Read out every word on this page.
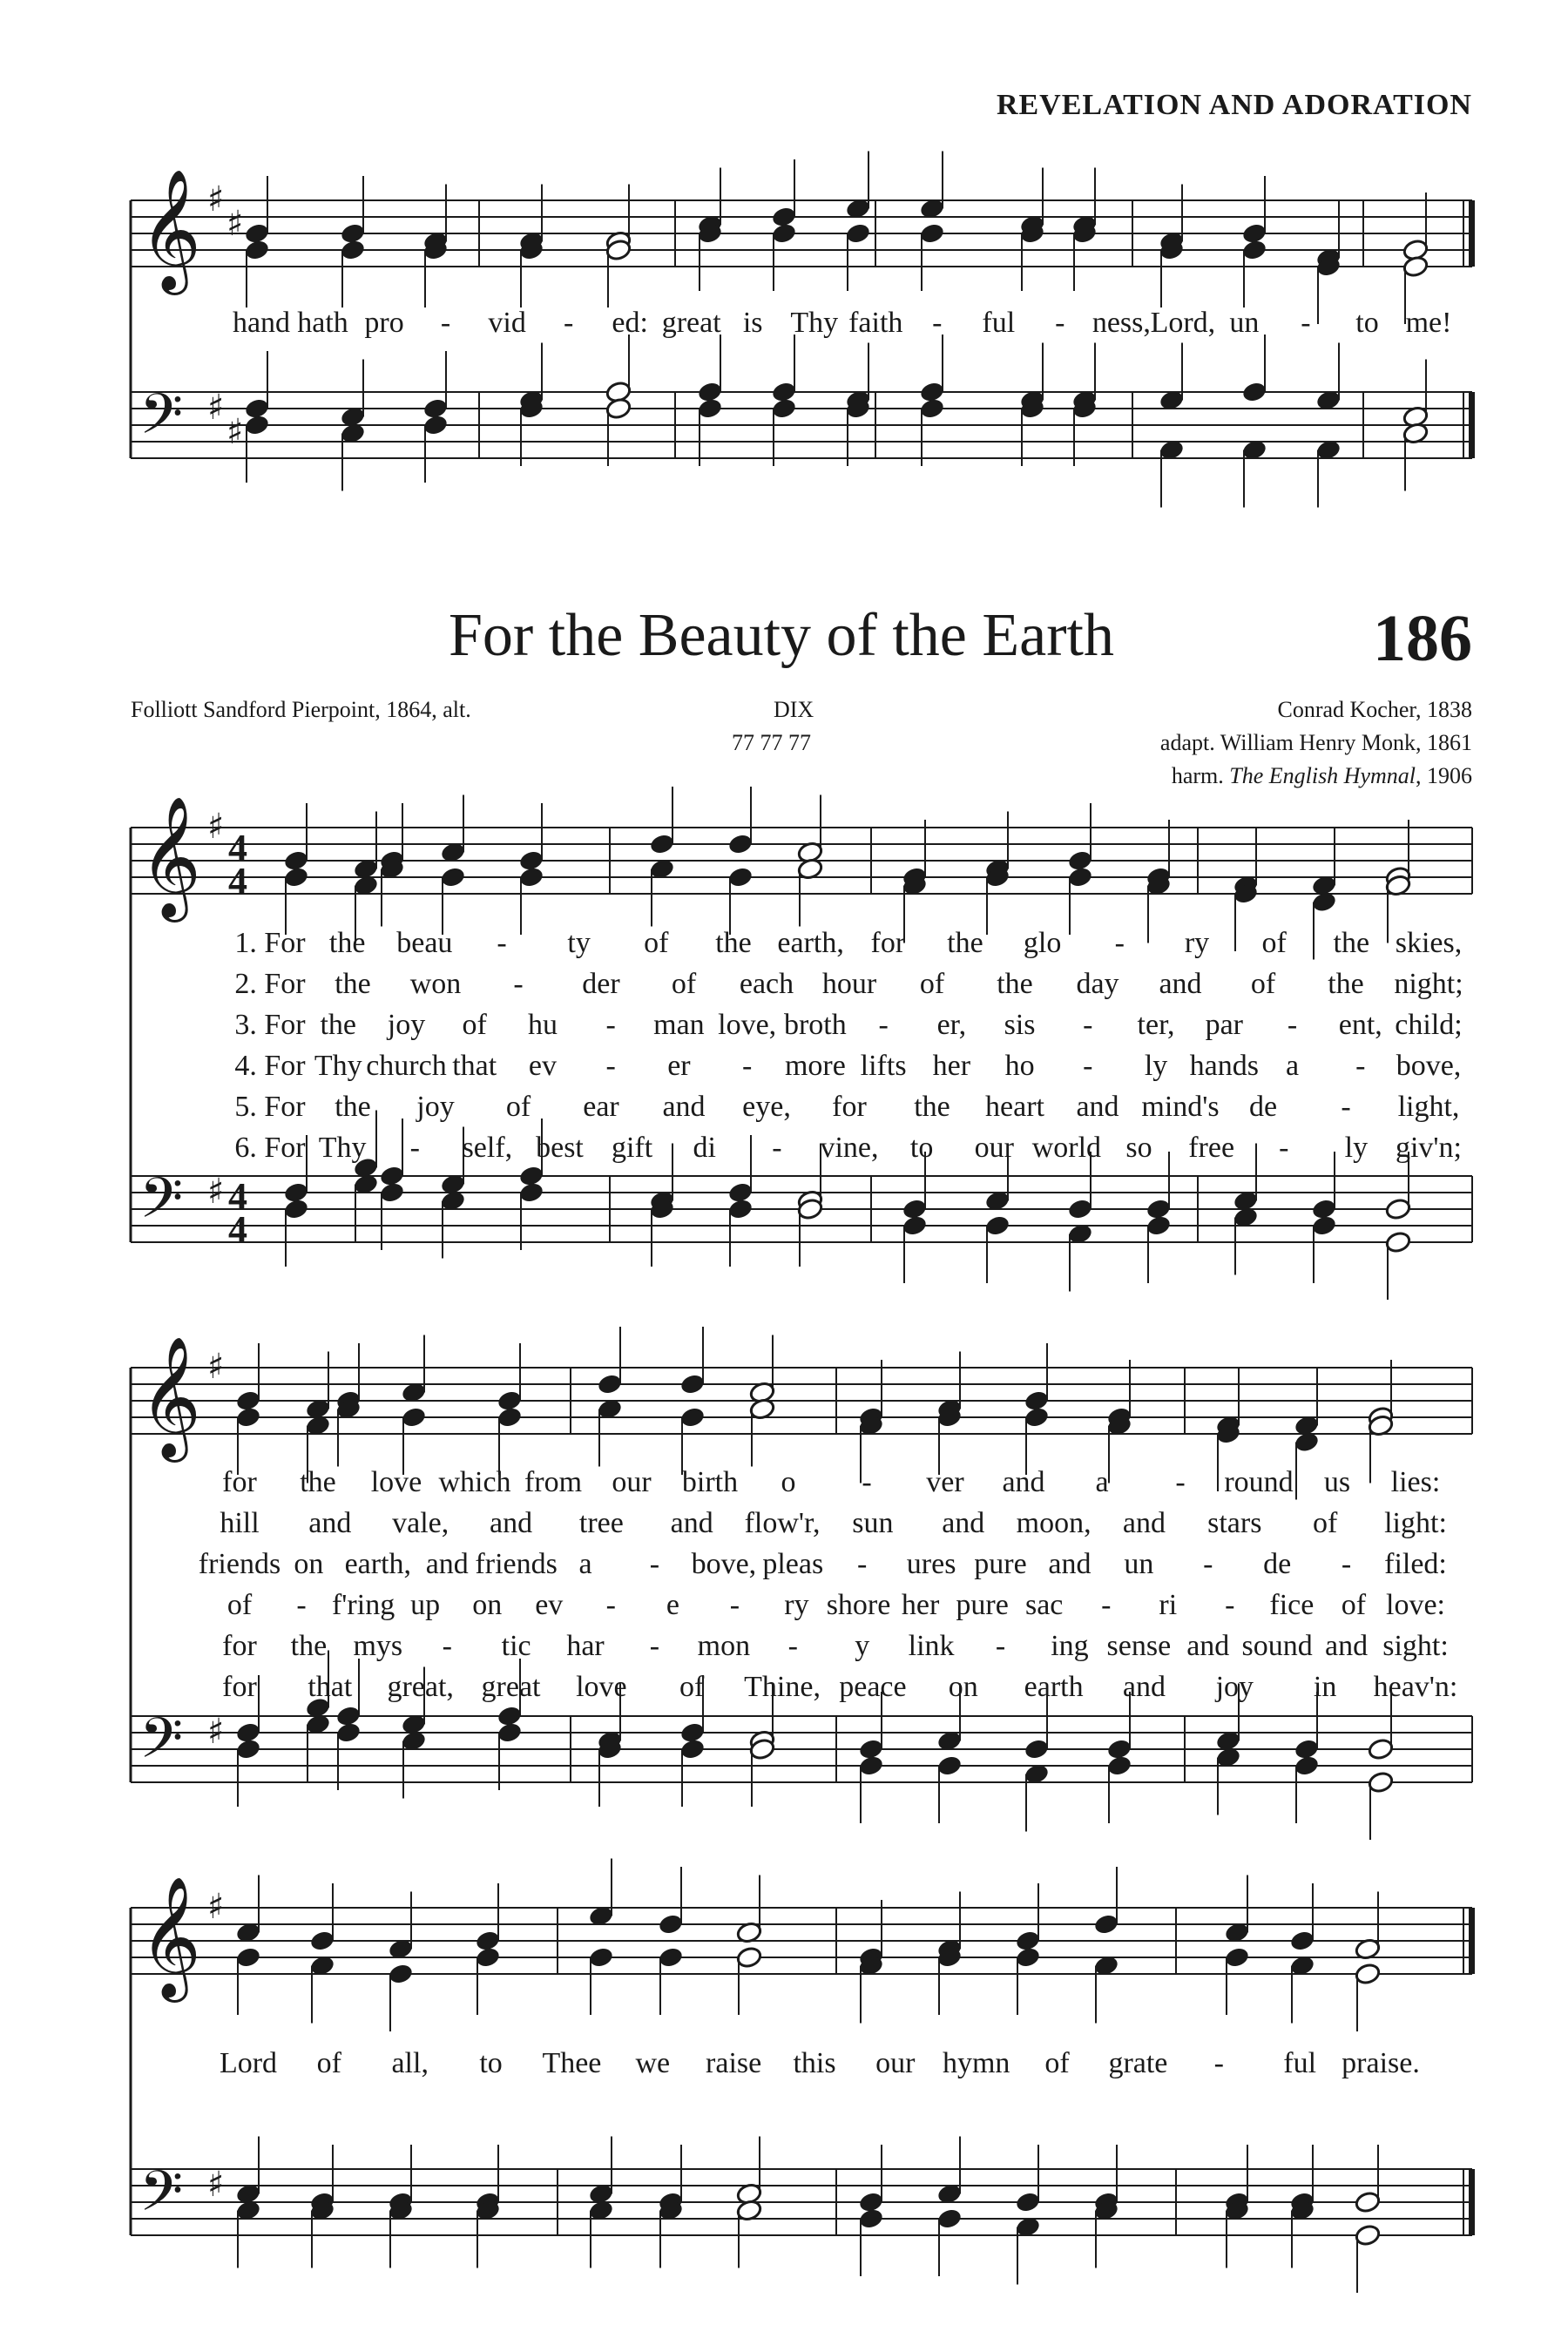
REVELATION AND ADORATION
For the Beauty of the Earth	186
Folliott Sandford Pierpoint, 1864, alt.	DIX
77 77 77
Conrad Kocher, 1838
adapt. William Henry Monk, 1861
harm. The English Hymnal, 1906
𝄞 ♯
♯
𝄢 ♯
♯
𝄞 ♯ 4
4
𝄢 ♯ 4
4
𝄞 ♯
𝄢 ♯
𝄞 ♯
𝄢 ♯
hand hath pro - vid - ed: great is Thy faith - ful - ness, Lord, un - to me!
1. For the beau - ty of the earth, for the glo - ry of the skies,
2. For the won - der of each hour of the day and of the night;
3. For the joy of hu - man love, broth - er, sis - ter, par - ent, child;
4. For Thy church that ev - er - more lifts her ho - ly hands a - bove,
5. For the joy of ear and eye, for the heart and mind's de - light,
6. For Thy - self, best gift di - vine, to our world so free - ly giv'n;
for the love which from our birth o - ver and a - round us lies:
hill and vale, and tree and flow'r, sun and moon, and stars of light:
friends on earth, and friends a - bove, pleas - ures pure and un - de - filed:
of - f'ring up on ev - e - ry shore her pure sac - ri - fice of love:
for the mys - tic har - mon - y link - ing sense and sound and sight:
for that great, great love of Thine, peace on earth and joy in heav'n:
Lord of all, to Thee we raise this our hymn of grate - ful praise.
